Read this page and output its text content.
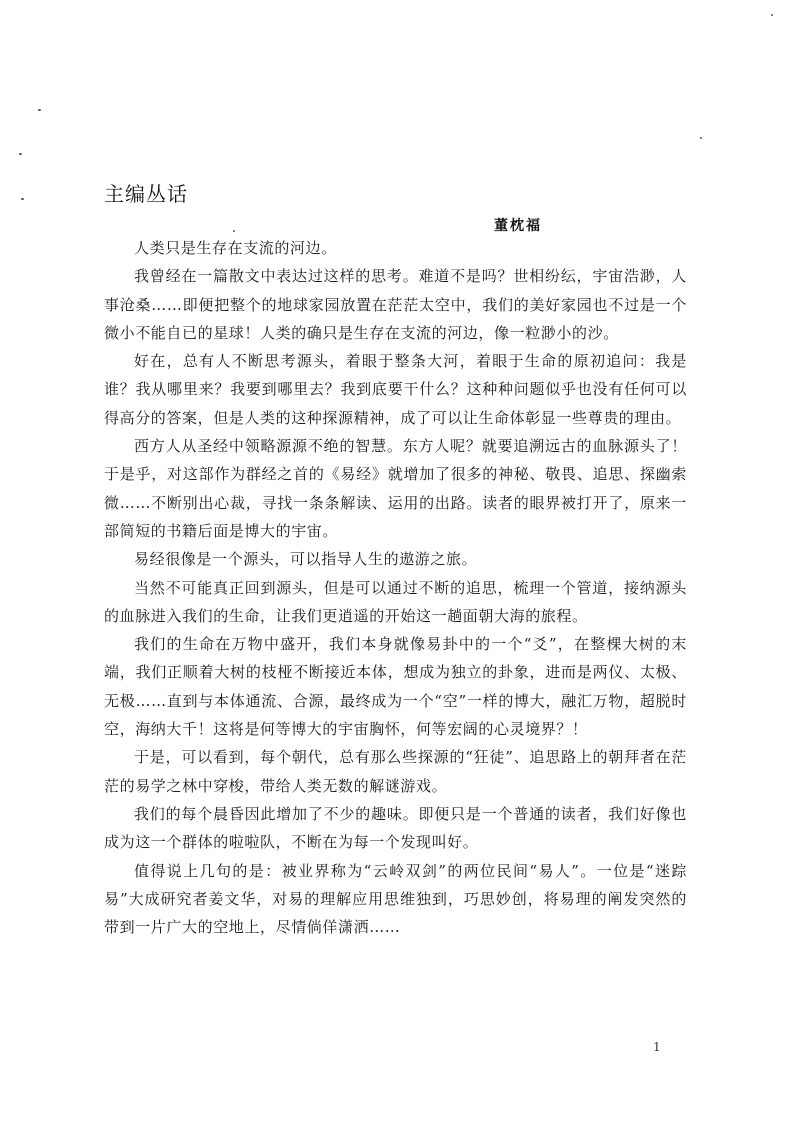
主编丛话
董枕福

人类只是生存在支流的河边。

我曾经在一篇散文中表达过这样的思考。难道不是吗？世相纷纭，宇宙浩渺，人事沧桑……即便把整个的地球家园放置在茫茫太空中，我们的美好家园也不过是一个微小不能自已的星球！人类的确只是生存在支流的河边，像一粒渺小的沙。

好在，总有人不断思考源头，着眼于整条大河，着眼于生命的原初追问：我是谁？我从哪里来？我要到哪里去？我到底要干什么？这种种问题似乎也没有任何可以得高分的答案，但是人类的这种探源精神，成了可以让生命体彰显一些尊贵的理由。

西方人从圣经中领略源源不绝的智慧。东方人呢？就要追溯远古的血脉源头了！于是乎，对这部作为群经之首的《易经》就增加了很多的神秘、敬畏、追思、探幽索微……不断别出心裁，寻找一条条解读、运用的出路。读者的眼界被打开了，原来一部简短的书籍后面是博大的宇宙。

易经很像是一个源头，可以指导人生的遨游之旅。

当然不可能真正回到源头，但是可以通过不断的追思，梳理一个管道，接纳源头的血脉进入我们的生命，让我们更逍遥的开始这一趟面朝大海的旅程。

我们的生命在万物中盛开，我们本身就像易卦中的一个“爻”，在整棵大树的末端，我们正顺着大树的枝桠不断接近本体，想成为独立的卦象，进而是两仪、太极、无极……直到与本体通流、合源，最终成为一个“空”一样的博大，融汇万物，超脱时空，海纳大千！这将是何等博大的宇宙胸怀，何等宏阔的心灵境界？！

于是，可以看到，每个朝代，总有那么些探源的“狂徒”、追思路上的朝拜者在茫茫的易学之林中穿梭，带给人类无数的解谜游戏。

我们的每个晨昏因此增加了不少的趣味。即便只是一个普通的读者，我们好像也成为这一个群体的啦啦队，不断在为每一个发现叫好。

值得说上几句的是：被业界称为“云岭双剑”的两位民间“易人”。一位是“迷踪易”大成研究者姜文华，对易的理解应用思维独到，巧思妙创，将易理的阐发突然的带到一片广大的空地上，尽情倘佯潇洒……

1
